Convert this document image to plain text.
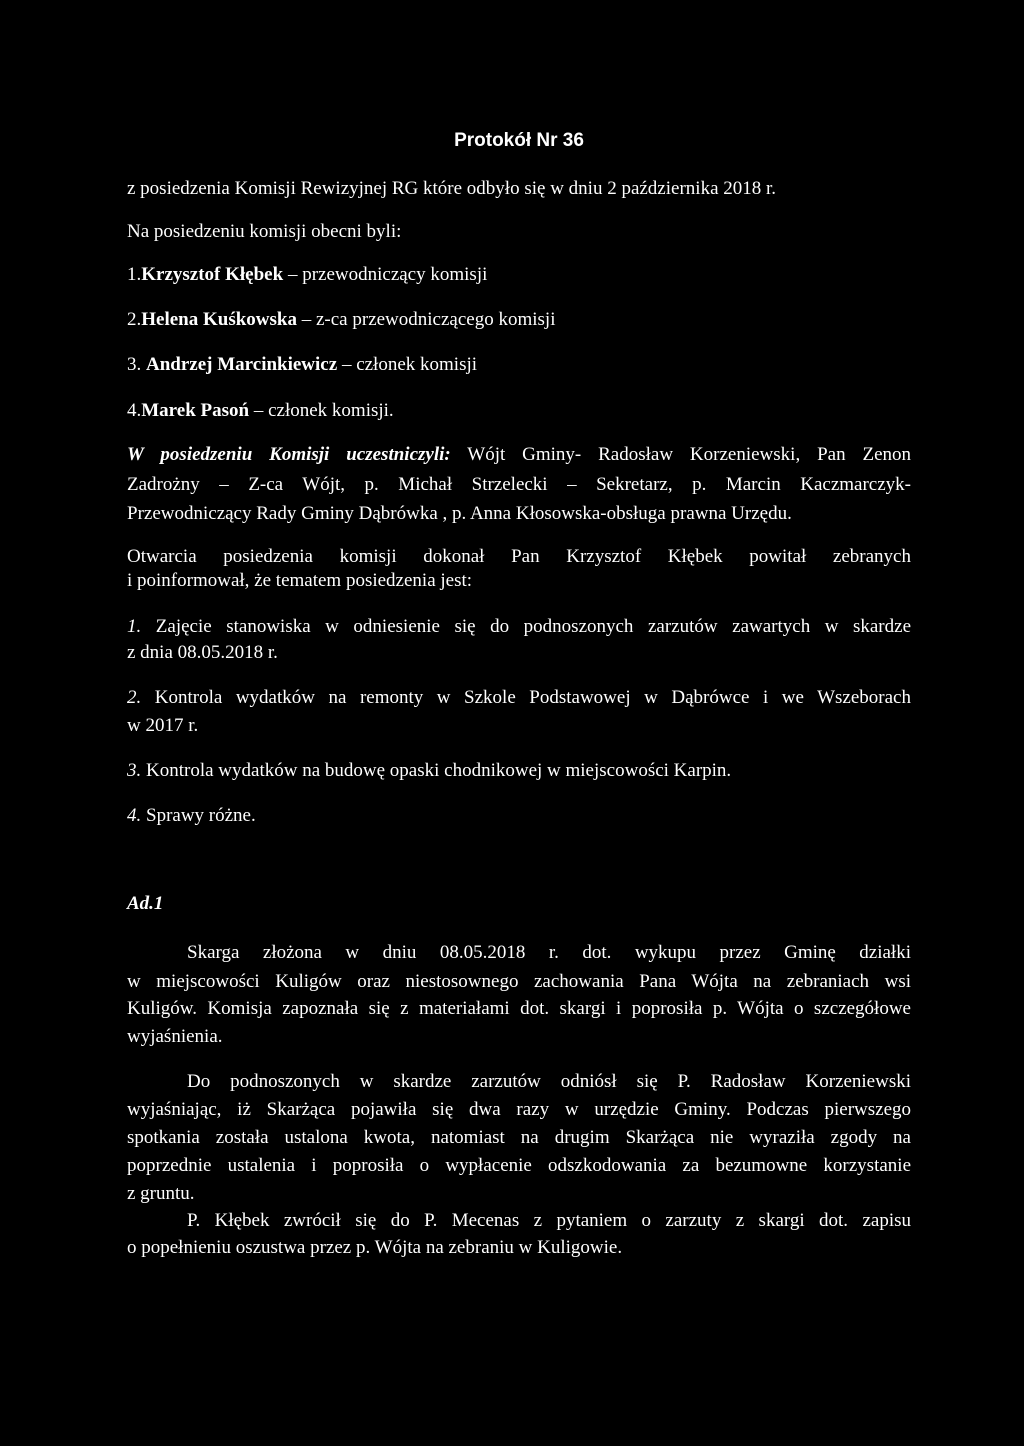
Protokół Nr 36
z posiedzenia Komisji Rewizyjnej RG które odbyło się w dniu 2 października 2018 r.
Na posiedzeniu komisji obecni byli:
1.Krzysztof Kłębek – przewodniczący komisji
2.Helena Kuśkowska – z-ca przewodniczącego komisji
3. Andrzej Marcinkiewicz – członek komisji
4.Marek Pasoń – członek komisji.
W posiedzeniu Komisji uczestniczyli: Wójt Gminy- Radosław Korzeniewski, Pan Zenon
Zadrożny – Z-ca Wójt, p. Michał Strzelecki – Sekretarz, p. Marcin Kaczmarczyk-
Przewodniczący Rady Gminy Dąbrówka , p. Anna Kłosowska-obsługa prawna Urzędu.
Otwarcia posiedzenia komisji dokonał Pan Krzysztof Kłębek powitał zebranych
i poinformował, że tematem posiedzenia jest:
1. Zajęcie stanowiska w odniesienie się do podnoszonych zarzutów zawartych w skardze
z dnia 08.05.2018 r.
2. Kontrola wydatków na remonty w Szkole Podstawowej w Dąbrówce i we Wszeborach
w 2017 r.
3. Kontrola wydatków na budowę opaski chodnikowej w miejscowości Karpin.
4. Sprawy różne.
Ad.1
Skarga złożona w dniu 08.05.2018 r. dot. wykupu przez Gminę działki
w miejscowości Kuligów oraz niestosownego zachowania Pana Wójta na zebraniach wsi
Kuligów. Komisja zapoznała się z materiałami dot. skargi i poprosiła p. Wójta o szczegółowe
wyjaśnienia.
Do podnoszonych w skardze zarzutów odniósł się P. Radosław Korzeniewski
wyjaśniając, iż Skarżąca pojawiła się dwa razy w urzędzie Gminy. Podczas pierwszego
spotkania została ustalona kwota, natomiast na drugim Skarżąca nie wyraziła zgody na
poprzednie ustalenia i poprosiła o wypłacenie odszkodowania za bezumowne korzystanie
z gruntu.
P. Kłębek zwrócił się do P. Mecenas z pytaniem o zarzuty z skargi dot. zapisu
o popełnieniu oszustwa przez p. Wójta na zebraniu w Kuligowie.
